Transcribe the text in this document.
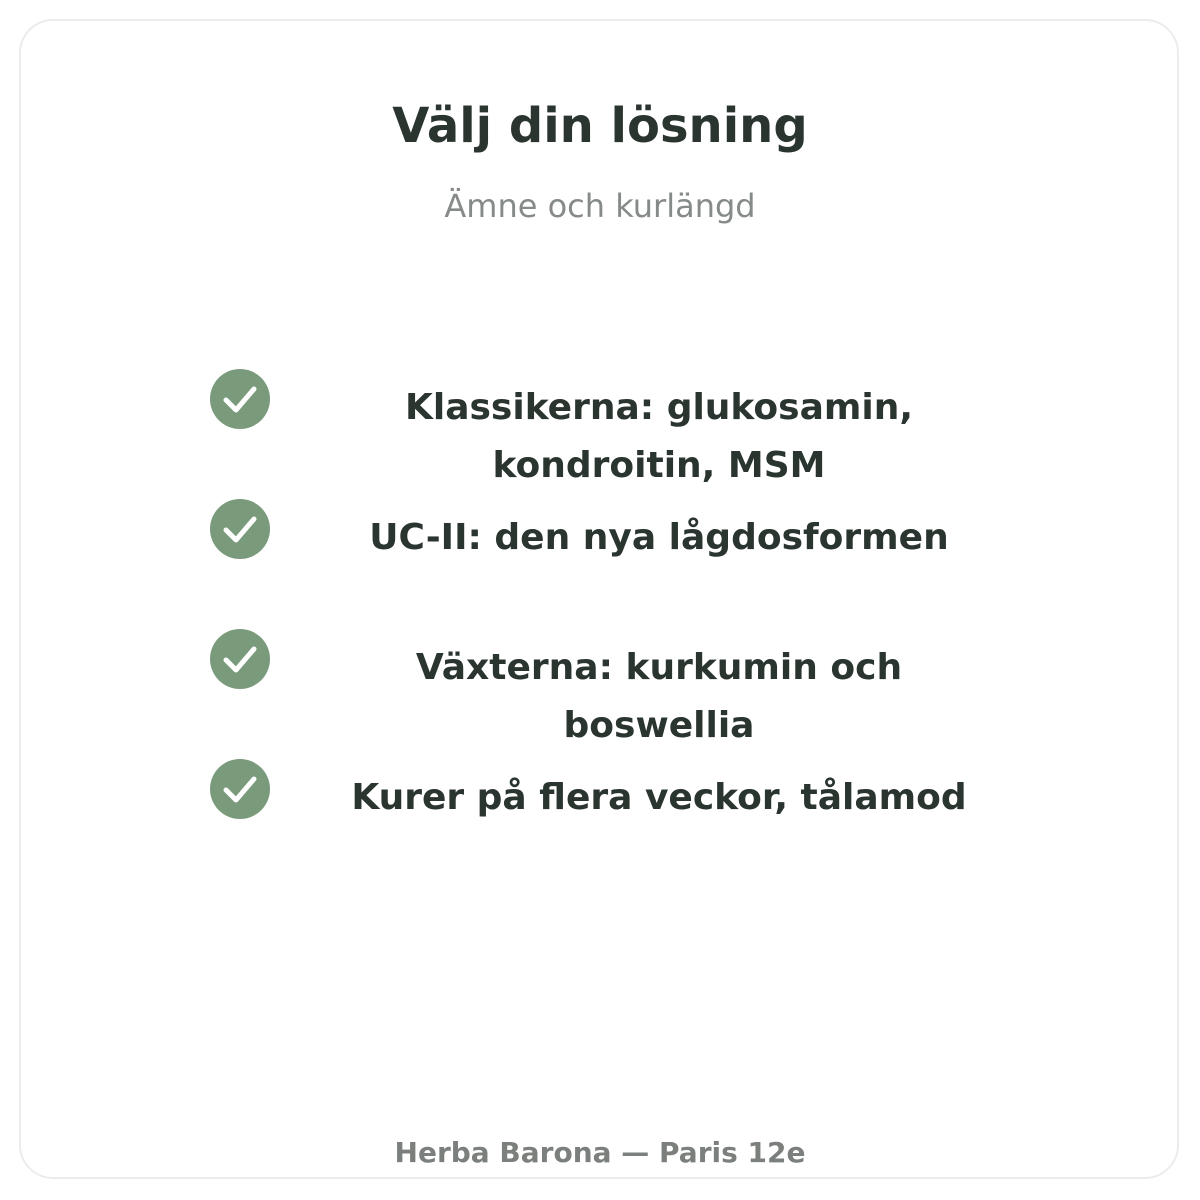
Välj din lösning
Ämne och kurlängd
Klassikerna: glukosamin, kondroitin, MSM
UC-II: den nya lågdosformen
Växterna: kurkumin och boswellia
Kurer på flera veckor, tålamod
Herba Barona — Paris 12e
